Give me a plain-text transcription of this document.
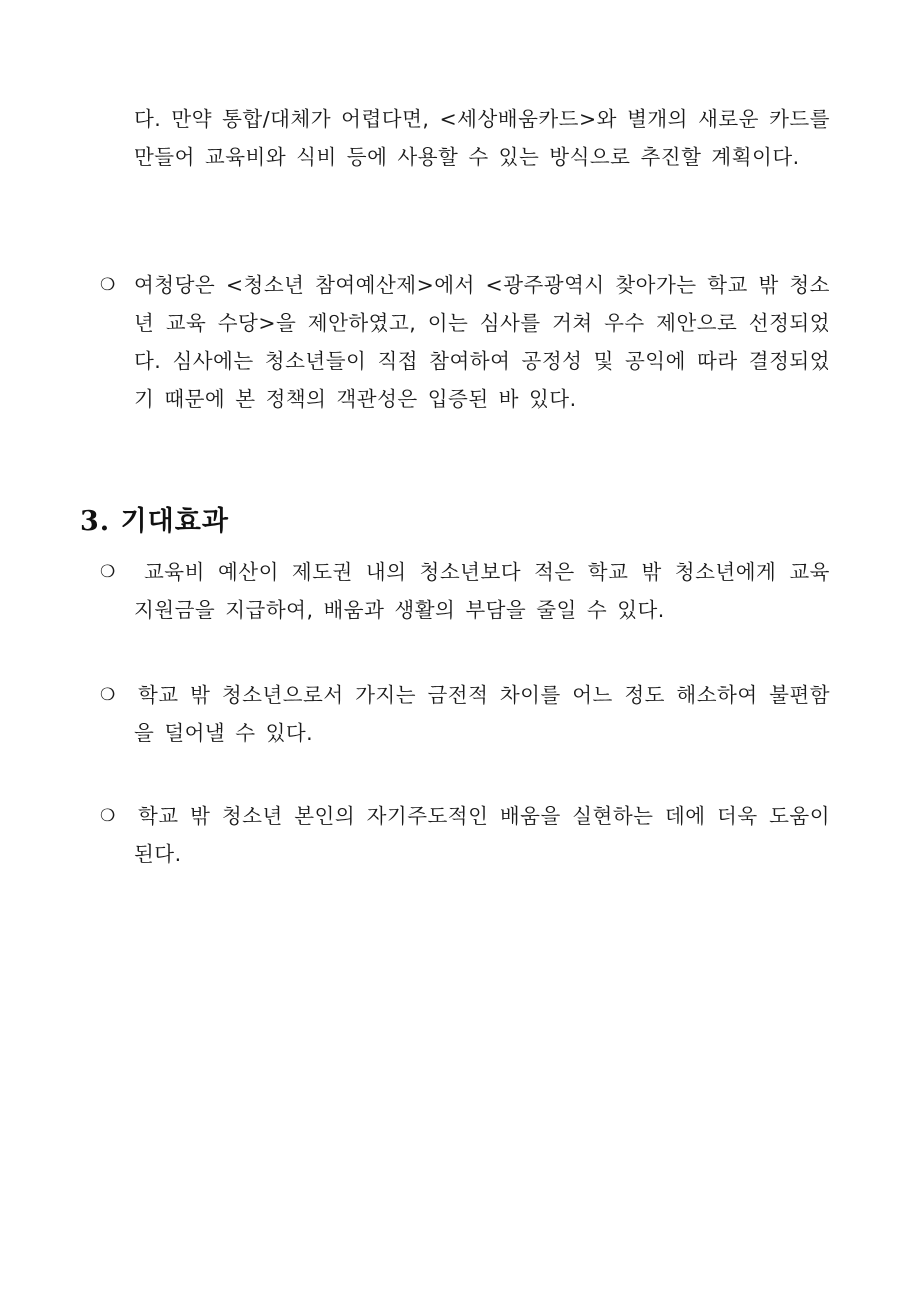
다. 만약 통합/대체가 어렵다면, <세상배움카드>와 별개의 새로운 카드를 만들어 교육비와 식비 등에 사용할 수 있는 방식으로 추진할 계획이다.

❍ 여청당은 <청소년 참여예산제>에서 <광주광역시 찾아가는 학교 밖 청소년 교육 수당>을 제안하였고, 이는 심사를 거쳐 우수 제안으로 선정되었다. 심사에는 청소년들이 직접 참여하여 공정성 및 공익에 따라 결정되었기 때문에 본 정책의 객관성은 입증된 바 있다.

3. 기대효과
❍	교육비 예산이 제도권 내의 청소년보다 적은 학교 밖 청소년에게 교육 지원금을 지급하여, 배움과 생활의 부담을 줄일 수 있다.

❍ 학교 밖 청소년으로서 가지는 금전적 차이를 어느 정도 해소하여 불편함을 덜어낼 수 있다.

❍ 학교 밖 청소년 본인의 자기주도적인 배움을 실현하는 데에 더욱 도움이 된다.
